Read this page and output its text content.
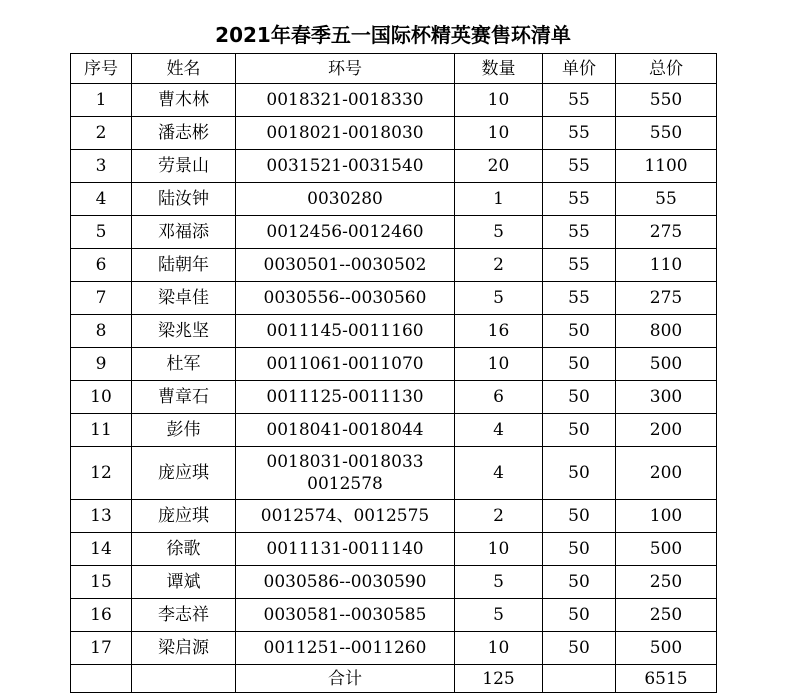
2021年春季五一国际杯精英赛售环清单
序号	姓名	环号	数量	单价	总价
1	曹木林	0018321-0018330	10	55	550
2	潘志彬	0018021-0018030	10	55	550
3	劳景山	0031521-0031540	20	55	1100
4	陆汝钟	0030280	1	55	55
5	邓福添	0012456-0012460	5	55	275
6	陆朝年	0030501--0030502	2	55	110
7	梁卓佳	0030556--0030560	5	55	275
8	梁兆坚	0011145-0011160	16	50	800
9	杜军	0011061-0011070	10	50	500
10	曹章石	0011125-0011130	6	50	300
11	彭伟	0018041-0018044	4	50	200
12	庞应琪	0018031-0018033
0012578	4	50	200
13	庞应琪	0012574、0012575	2	50	100
14	徐歌	0011131-0011140	10	50	500
15	谭斌	0030586--0030590	5	50	250
16	李志祥	0030581--0030585	5	50	250
17	梁启源	0011251--0011260	10	50	500
		合计	125		6515
